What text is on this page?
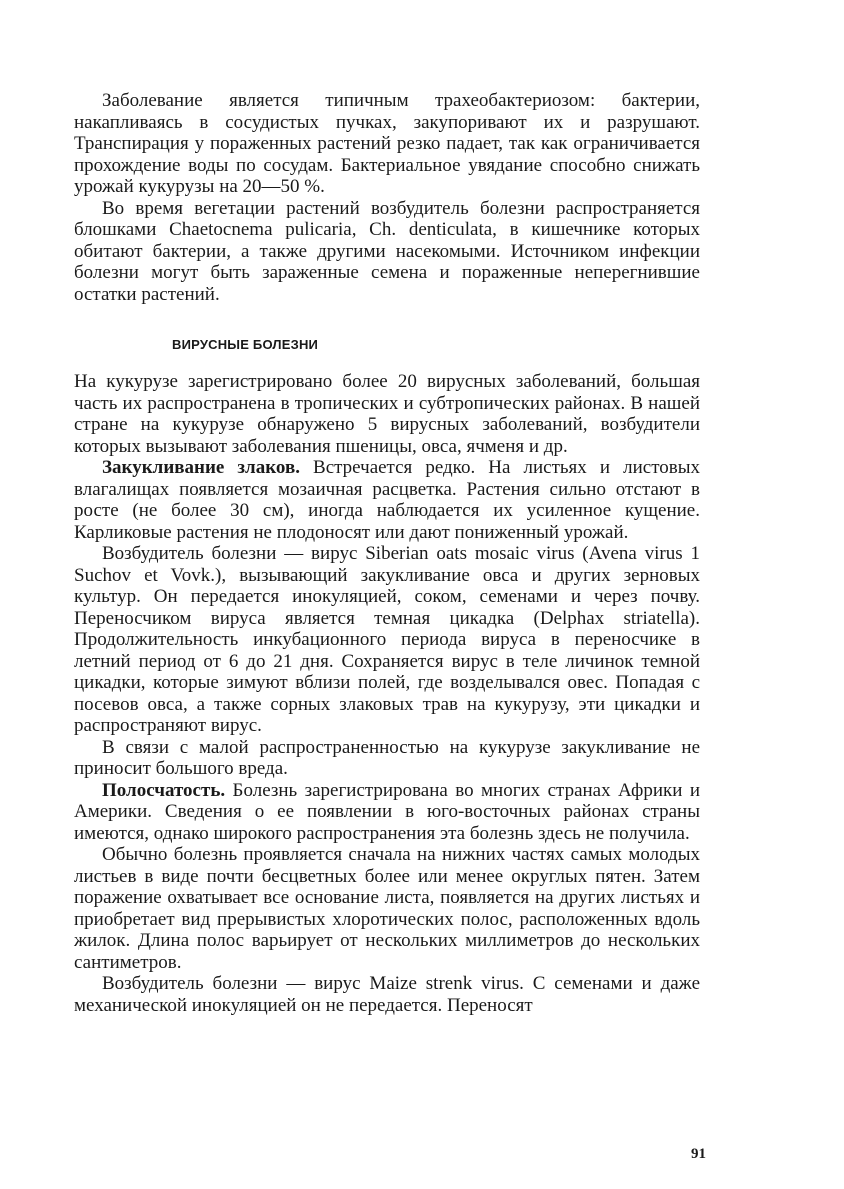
Заболевание является типичным трахеобактериозом: бактерии, накапливаясь в сосудистых пучках, закупоривают их и разрушают. Транспирация у пораженных растений резко падает, так как ограничивается прохождение воды по сосудам. Бактериальное увядание способно снижать урожай кукурузы на 20—50 %.

Во время вегетации растений возбудитель болезни распространяется блошками Chaetocnema pulicaria, Ch. denticulata, в кишечнике которых обитают бактерии, а также другими насекомыми. Источником инфекции болезни могут быть зараженные семена и пораженные неперегнившие остатки растений.

ВИРУСНЫЕ БОЛЕЗНИ

На кукурузе зарегистрировано более 20 вирусных заболеваний, большая часть их распространена в тропических и субтропических районах. В нашей стране на кукурузе обнаружено 5 вирусных заболеваний, возбудители которых вызывают заболевания пшеницы, овса, ячменя и др.

Закукливание злаков. Встречается редко. На листьях и листовых влагалищах появляется мозаичная расцветка. Растения сильно отстают в росте (не более 30 см), иногда наблюдается их усиленное кущение. Карликовые растения не плодоносят или дают пониженный урожай.

Возбудитель болезни — вирус Siberian oats mosaic virus (Avena virus 1 Suchov et Vovk.), вызывающий закукливание овса и других зерновых культур. Он передается инокуляцией, соком, семенами и через почву. Переносчиком вируса является темная цикадка (Delphax striatella). Продолжительность инкубационного периода вируса в переносчике в летний период от 6 до 21 дня. Сохраняется вирус в теле личинок темной цикадки, которые зимуют вблизи полей, где возделывался овес. Попадая с посевов овса, а также сорных злаковых трав на кукурузу, эти цикадки и распространяют вирус.

В связи с малой распространенностью на кукурузе закукливание не приносит большого вреда.

Полосчатость. Болезнь зарегистрирована во многих странах Африки и Америки. Сведения о ее появлении в юго-восточных районах страны имеются, однако широкого распространения эта болезнь здесь не получила.

Обычно болезнь проявляется сначала на нижних частях самых молодых листьев в виде почти бесцветных более или менее округлых пятен. Затем поражение охватывает все основание листа, появляется на других листьях и приобретает вид прерывистых хлоротических полос, расположенных вдоль жилок. Длина полос варьирует от нескольких миллиметров до нескольких сантиметров.

Возбудитель болезни — вирус Maize strenk virus. С семенами и даже механической инокуляцией он не передается. Переносят

91
